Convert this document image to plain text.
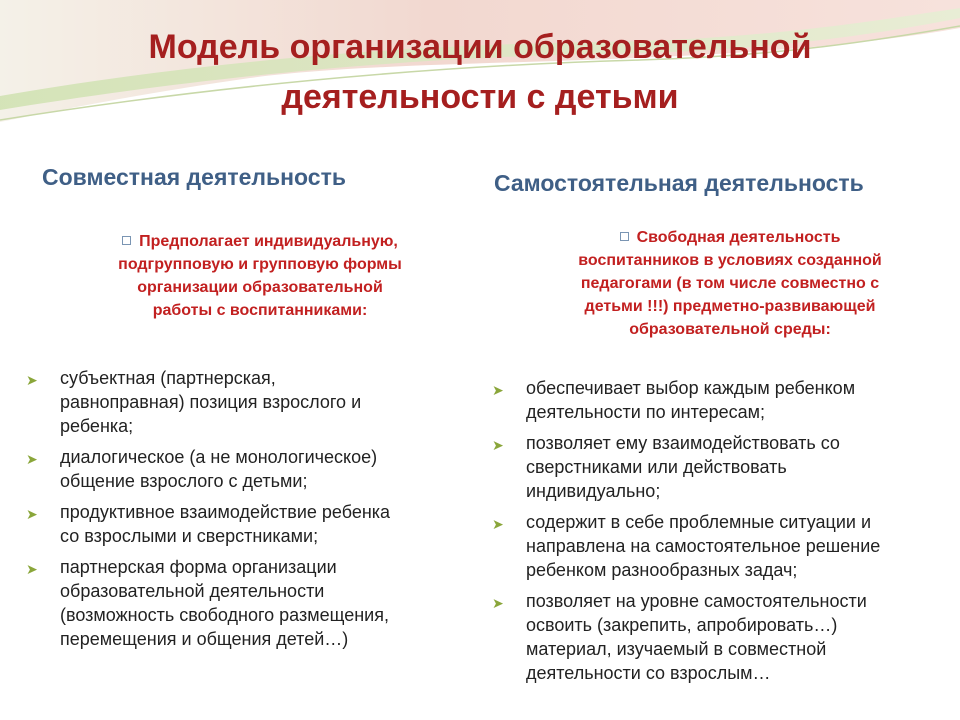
Модель организации образовательной
деятельности с детьми
Совместная деятельность	Самостоятельная деятельность
Предполагает индивидуальную,
подгрупповую и групповую формы
организации образовательной
работы с воспитанниками:
Свободная деятельность
воспитанников в условиях созданной
педагогами (в том числе совместно с
детьми !!!) предметно-развивающей
образовательной среды:
➤ субъектная (партнерская,
равноправная) позиция взрослого и
ребенка;
➤ диалогическое (а не монологическое)
общение взрослого с детьми;
➤ продуктивное взаимодействие ребенка
со взрослыми и сверстниками;
➤ партнерская форма организации
образовательной деятельности
(возможность свободного размещения,
перемещения и общения детей…)
➤ обеспечивает выбор каждым ребенком
деятельности по интересам;
➤ позволяет ему взаимодействовать со
сверстниками или действовать
индивидуально;
➤ содержит в себе проблемные ситуации и
направлена на самостоятельное решение
ребенком разнообразных задач;
➤ позволяет на уровне самостоятельности
освоить (закрепить, апробировать…)
материал, изучаемый в совместной
деятельности со взрослым…
